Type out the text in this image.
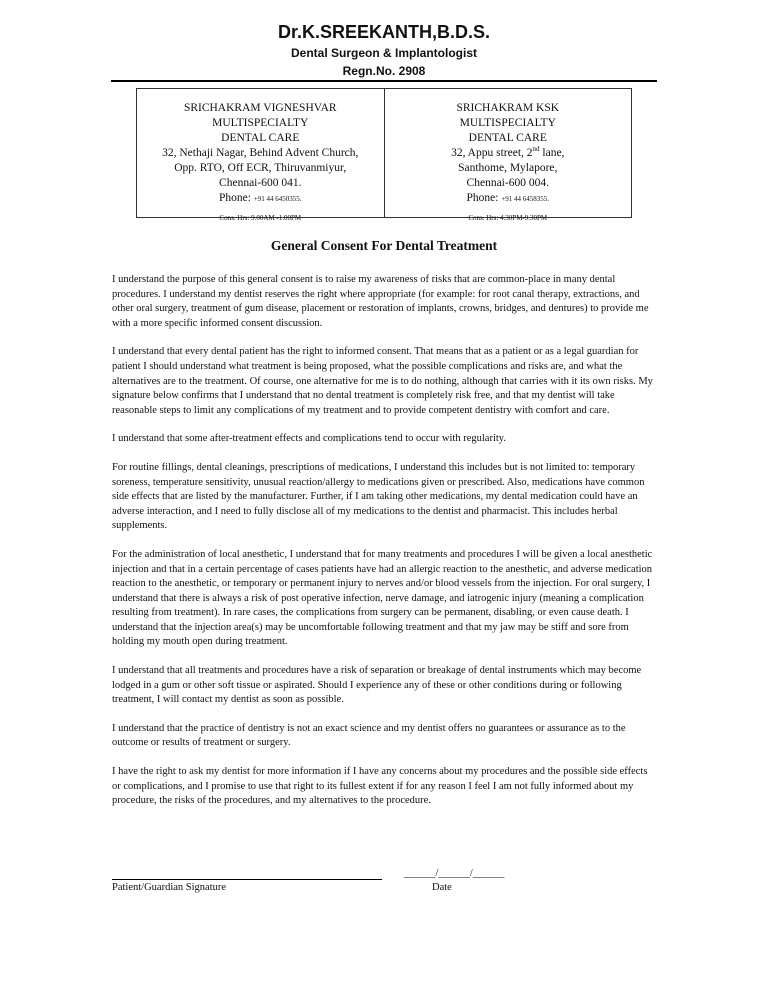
Dr.K.SREEKANTH,B.D.S.
Dental Surgeon & Implantologist
Regn.No. 2908
SRICHAKRAM VIGNESHVAR
MULTISPECIALTY
DENTAL CARE
32, Nethaji Nagar, Behind Advent Church,
Opp. RTO, Off ECR, Thiruvanmiyur,
Chennai-600 041.
Phone: +91 44 6450355.
Cons. Hrs: 9.00AM -1.00PM
SRICHAKRAM KSK
MULTISPECIALTY
DENTAL CARE
32, Appu street, 2nd lane,
Santhome, Mylapore,
Chennai-600 004.
Phone: +91 44 6458355.
Cons. Hrs: 4.30PM-9.30PM
General Consent For Dental Treatment

I understand the purpose of this general consent is to raise my awareness of risks that are common-place in many dental procedures. I understand my dentist reserves the right where appropriate (for example: for root canal therapy, extractions, and other oral surgery, treatment of gum disease, placement or restoration of implants, crowns, bridges, and dentures) to provide me with a more specific informed consent discussion.

I understand that every dental patient has the right to informed consent. That means that as a patient or as a legal guardian for patient I should understand what treatment is being proposed, what the possible complications and risks are, and what the alternatives are to the treatment. Of course, one alternative for me is to do nothing, although that carries with it its own risks. My signature below confirms that I understand that no dental treatment is completely risk free, and that my dentist will take reasonable steps to limit any complications of my treatment and to provide competent dentistry with comfort and care.

I understand that some after-treatment effects and complications tend to occur with regularity.

For routine fillings, dental cleanings, prescriptions of medications, I understand this includes but is not limited to: temporary soreness, temperature sensitivity, unusual reaction/allergy to medications given or prescribed. Also, medications have common side effects that are listed by the manufacturer. Further, if I am taking other medications, my dental medication could have an adverse interaction, and I need to fully disclose all of my medications to the dentist and pharmacist. This includes herbal supplements.

For the administration of local anesthetic, I understand that for many treatments and procedures I will be given a local anesthetic injection and that in a certain percentage of cases patients have had an allergic reaction to the anesthetic, and adverse medication reaction to the anesthetic, or temporary or permanent injury to nerves and/or blood vessels from the injection. For oral surgery, I understand that there is always a risk of post operative infection, nerve damage, and iatrogenic injury (meaning a complication resulting from treatment). In rare cases, the complications from surgery can be permanent, disabling, or even cause death. I understand that the injection area(s) may be uncomfortable following treatment and that my jaw may be stiff and sore from holding my mouth open during treatment.

I understand that all treatments and procedures have a risk of separation or breakage of dental instruments which may become lodged in a gum or other soft tissue or aspirated. Should I experience any of these or other conditions during or following treatment, I will contact my dentist as soon as possible.

I understand that the practice of dentistry is not an exact science and my dentist offers no guarantees or assurance as to the outcome or results of treatment or surgery.

I have the right to ask my dentist for more information if I have any concerns about my procedures and the possible side effects or complications, and I promise to use that right to its fullest extent if for any reason I feel I am not fully informed about my procedure, the risks of the procedures, and my alternatives to the procedure.

______/______/______
Patient/Guardian Signature	Date
